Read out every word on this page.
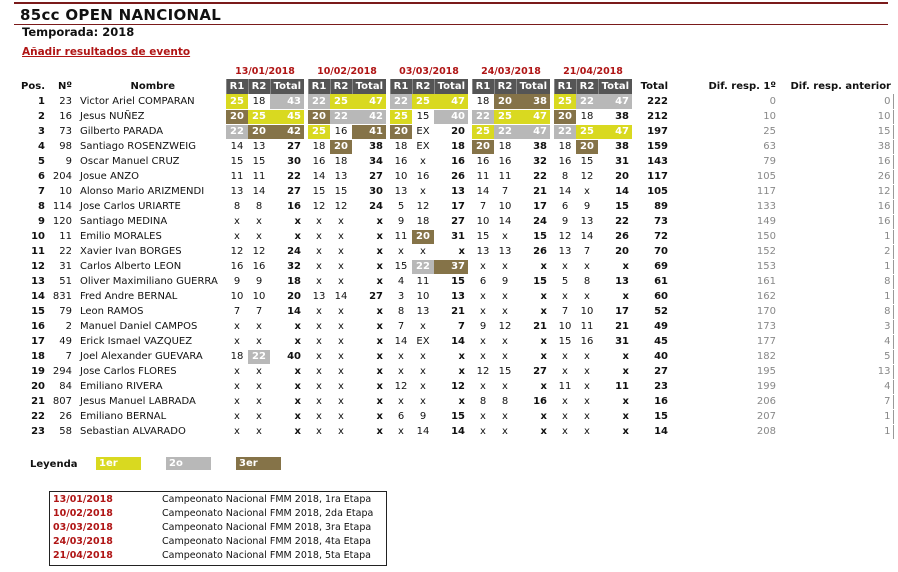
85cc OPEN NANCIONAL
Temporada: 2018
Añadir resultados de evento
			13/01/2018				10/02/2018				03/03/2018				24/03/2018				21/04/2018					
Pos.	Nº	Nombre	R1	R2	Total		R1	R2	Total		R1	R2	Total		R1	R2	Total		R1	R2	Total	Total	Dif. resp. 1º	Dif. resp. anterior
1	23	Victor Ariel COMPARAN	25	18	43		22	25	47		22	25	47		18	20	38		25	22	47	222	0	0
2	16	Jesus NUÑEZ	20	25	45		20	22	42		25	15	40		22	25	47		20	18	38	212	10	10
3	73	Gilberto PARADA	22	20	42		25	16	41		20	EX	20		25	22	47		22	25	47	197	25	15
4	98	Santiago ROSENZWEIG	14	13	27		18	20	38		18	EX	18		20	18	38		18	20	38	159	63	38
5	9	Oscar Manuel CRUZ	15	15	30		16	18	34		16	x	16		16	16	32		16	15	31	143	79	16
6	204	Josue ANZO	11	11	22		14	13	27		10	16	26		11	11	22		8	12	20	117	105	26
7	10	Alonso Mario ARIZMENDI	13	14	27		15	15	30		13	x	13		14	7	21		14	x	14	105	117	12
8	114	Jose Carlos URIARTE	8	8	16		12	12	24		5	12	17		7	10	17		6	9	15	89	133	16
9	120	Santiago MEDINA	x	x	x		x	x	x		9	18	27		10	14	24		9	13	22	73	149	16
10	11	Emilio MORALES	x	x	x		x	x	x		11	20	31		15	x	15		12	14	26	72	150	1
11	22	Xavier Ivan BORGES	12	12	24		x	x	x		x	x	x		13	13	26		13	7	20	70	152	2
12	31	Carlos Alberto LEON	16	16	32		x	x	x		15	22	37		x	x	x		x	x	x	69	153	1
13	51	Oliver Maximiliano GUERRA	9	9	18		x	x	x		4	11	15		6	9	15		5	8	13	61	161	8
14	831	Fred Andre BERNAL	10	10	20		13	14	27		3	10	13		x	x	x		x	x	x	60	162	1
15	79	Leon RAMOS	7	7	14		x	x	x		8	13	21		x	x	x		7	10	17	52	170	8
16	2	Manuel Daniel CAMPOS	x	x	x		x	x	x		7	x	7		9	12	21		10	11	21	49	173	3
17	49	Erick Ismael VAZQUEZ	x	x	x		x	x	x		14	EX	14		x	x	x		15	16	31	45	177	4
18	7	Joel Alexander GUEVARA	18	22	40		x	x	x		x	x	x		x	x	x		x	x	x	40	182	5
19	294	Jose Carlos FLORES	x	x	x		x	x	x		x	x	x		12	15	27		x	x	x	27	195	13
20	84	Emiliano RIVERA	x	x	x		x	x	x		12	x	12		x	x	x		11	x	11	23	199	4
21	807	Jesus Manuel LABRADA	x	x	x		x	x	x		x	x	x		8	8	16		x	x	x	16	206	7
22	26	Emiliano BERNAL	x	x	x		x	x	x		6	9	15		x	x	x		x	x	x	15	207	1
23	58	Sebastian ALVARADO	x	x	x		x	x	x		x	14	14		x	x	x		x	x	x	14	208	1
Leyenda	1er puesto
2o puesto
3er puesto
13/01/2018	Campeonato Nacional FMM 2018, 1ra Etapa
10/02/2018	Campeonato Nacional FMM 2018, 2da Etapa
03/03/2018	Campeonato Nacional FMM 2018, 3ra Etapa
24/03/2018	Campeonato Nacional FMM 2018, 4ta Etapa
21/04/2018	Campeonato Nacional FMM 2018, 5ta Etapa
